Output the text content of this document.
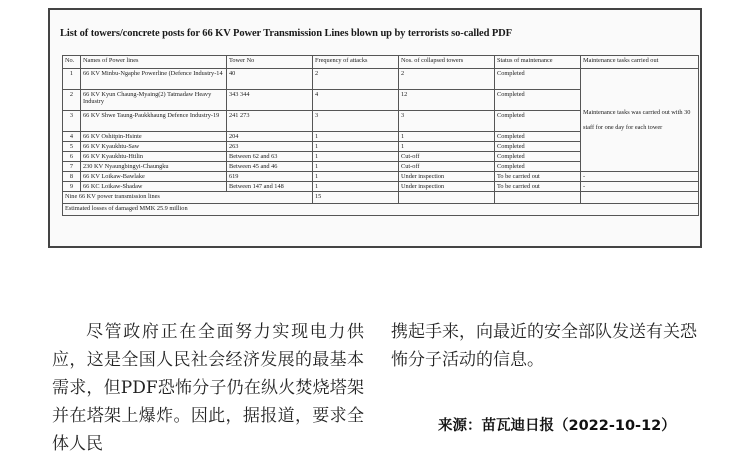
List of towers/concrete posts for 66 KV Power Transmission Lines blown up by terrorists so-called PDF
No.	Names of Power lines	Tower No	Frequency of attacks	Nos. of collapsed towers	Status of maintenance	Maintenance tasks carried out
1	66 KV Minbu-Ngaphe Powerline (Defence Industry-14	40	2	2	Completed	Maintenance tasks was carried out with 30 staff for one day for each tower
2	66 KV Kyun Chaung-Myaing(2) Tatmadaw Heavy Industry	343 344	4	12	Completed	
3	66 KV Shwe Taung-Paukkhaung Defence Industry-19	241 273	3	3	Completed	
4	66 KV Oshitpin-Hsinte	204	1	1	Completed	
5	66 KV Kyaukhtu-Saw	263	1	1	Completed	
6	66 KV Kyaukhtu-Htilin	Between 62 and 63	1	Cut-off	Completed	
7	230 KV Nyaungbingyi-Chaungku	Between 45 and 46	1	Cut-off	Completed	
8	66 KV Loikaw-Bawlake	619	1	Under inspection	To be carried out	-
9	66 KC Loikaw-Shadaw	Between 147 and 148	1	Under inspection	To be carried out	-
Nine 66 KV power transmission lines			15			
Estimated losses of damaged MMK 25.9 million						

尽管政府正在全面努力实现电力供应，这是全国人民社会经济发展的最基本需求，但PDF恐怖分子仍在纵火焚烧塔架并在塔架上爆炸。因此，据报道，要求全体人民

携起手来，向最近的安全部队发送有关恐怖分子活动的信息。

来源：苗瓦迪日报（2022-10-12）
